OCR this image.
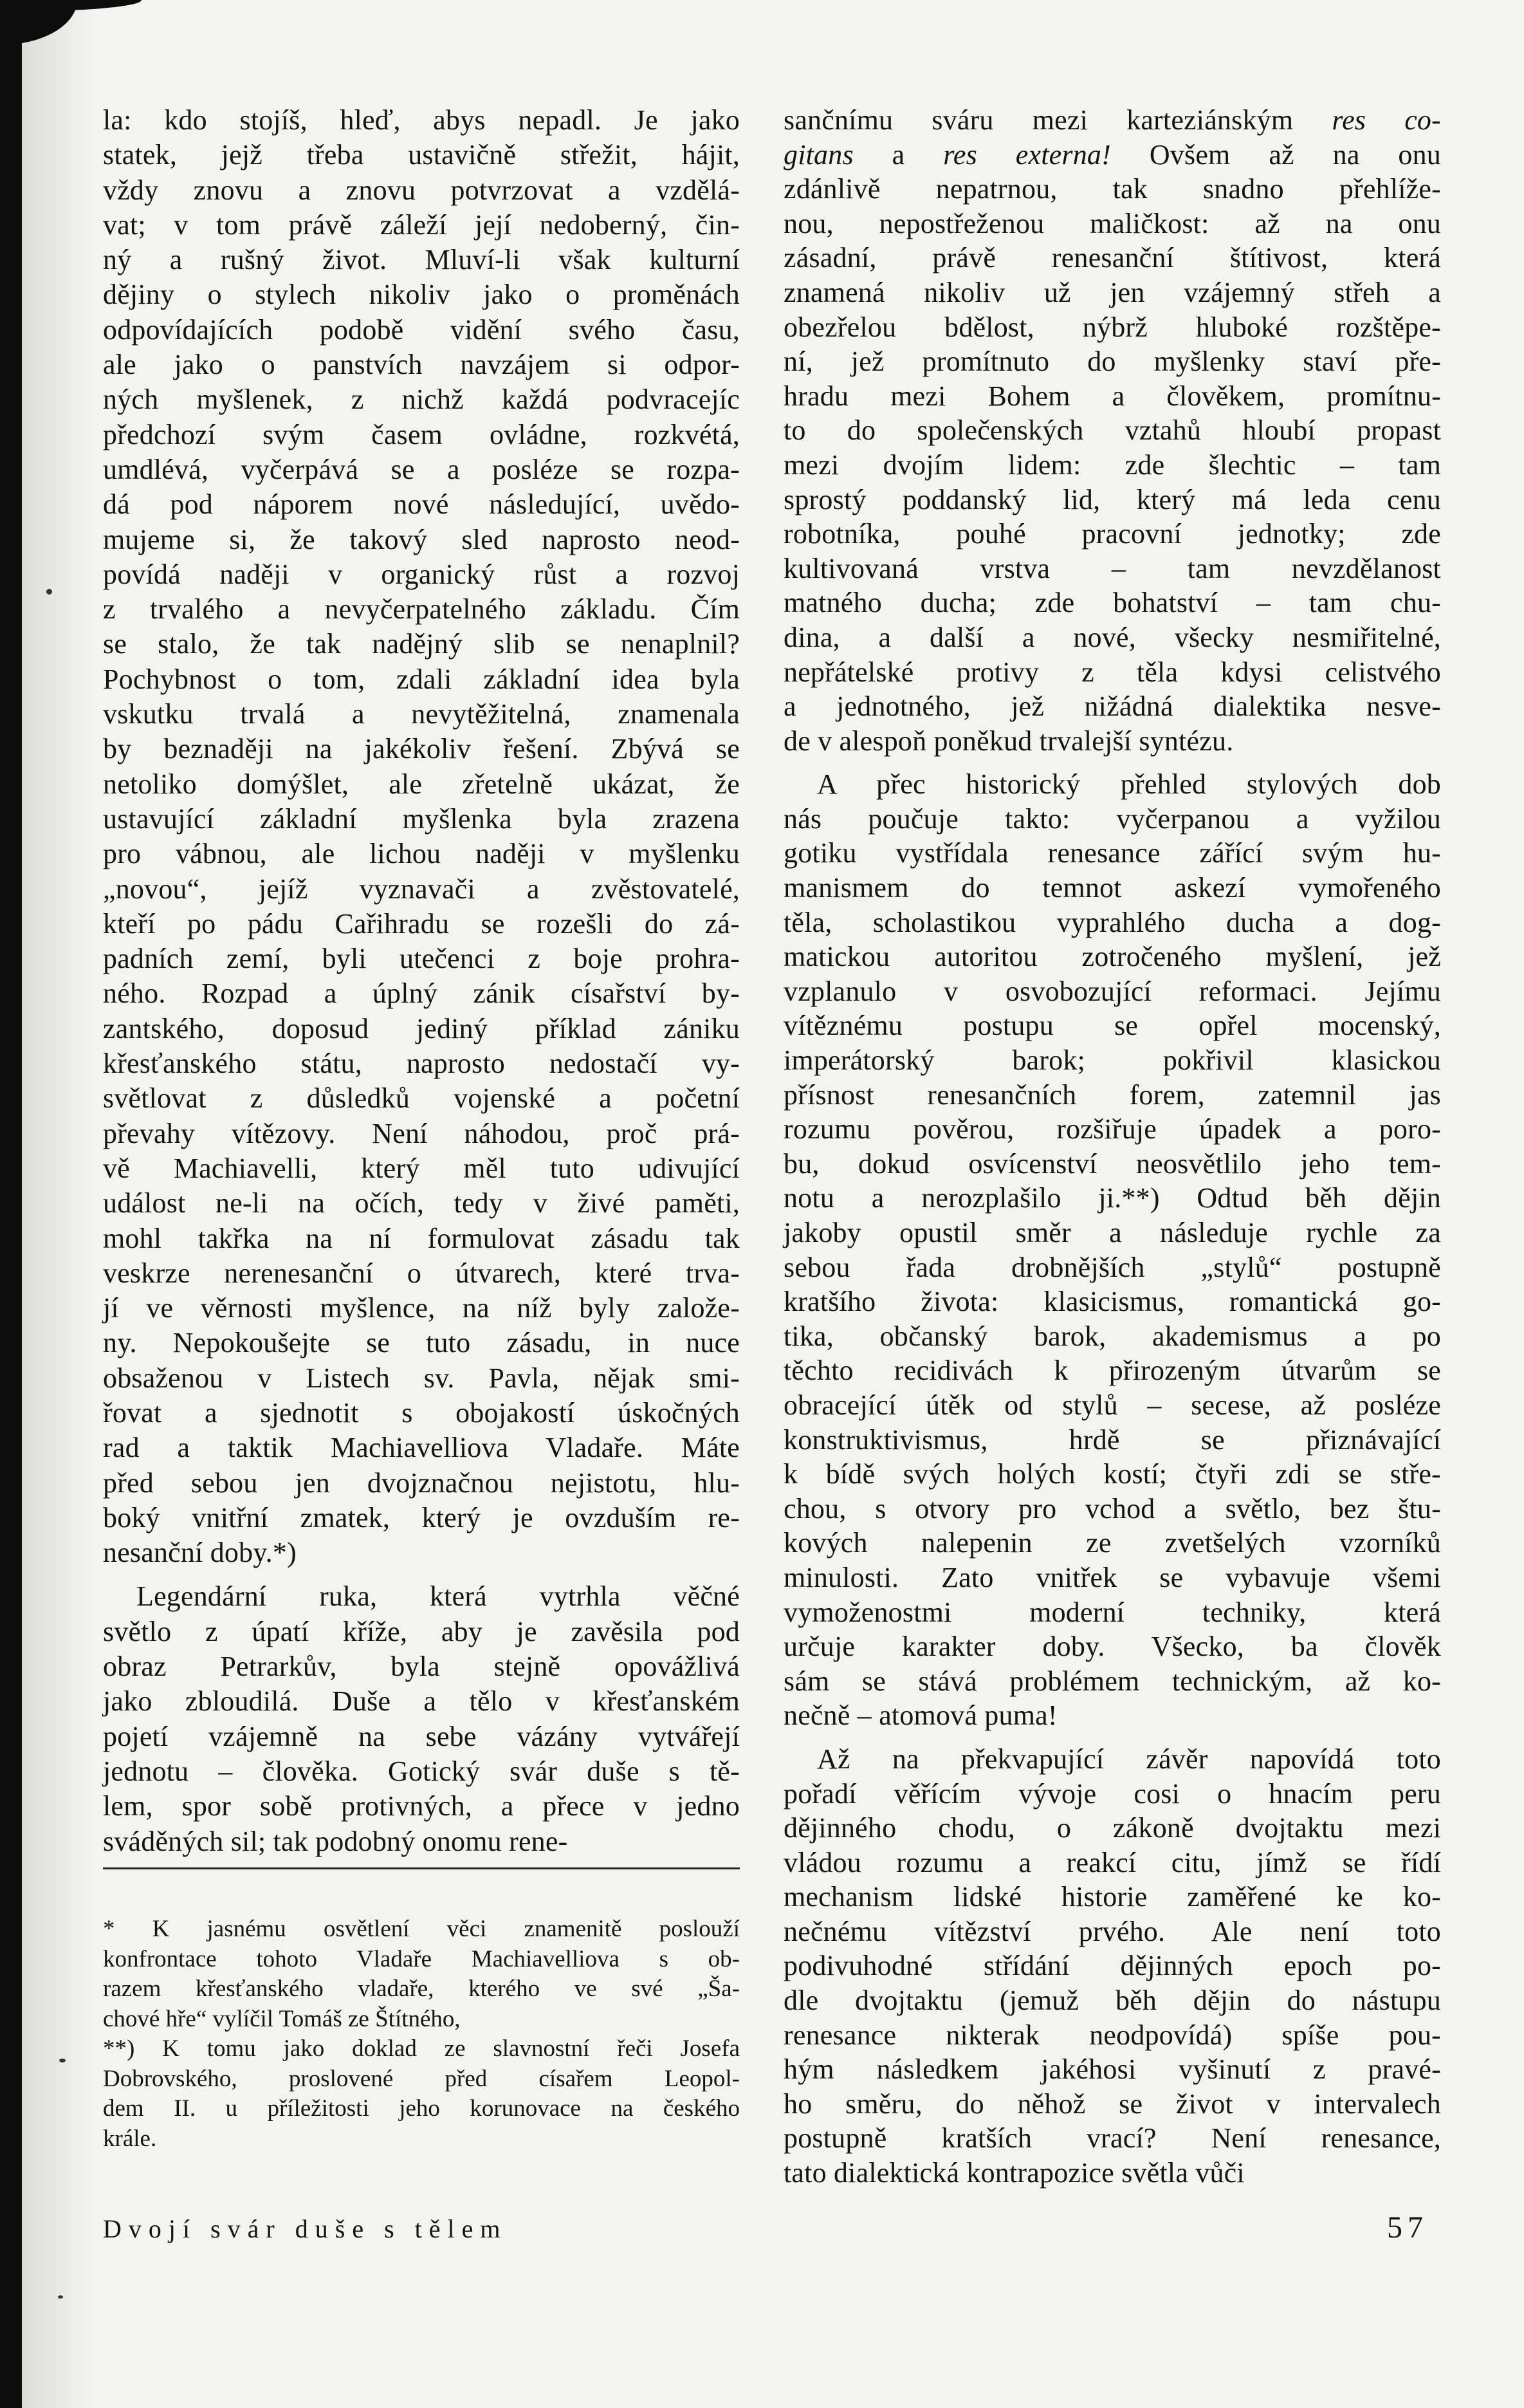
la: kdo stojíš, hleď, abys nepadl. Je jako
statek, jejž třeba ustavičně střežit, hájit,
vždy znovu a znovu potvrzovat a vzdělá-
vat; v tom právě záleží její nedoberný, čin-
ný a rušný život. Mluví-li však kulturní
dějiny o stylech nikoliv jako o proměnách
odpovídajících podobě vidění svého času,
ale jako o panstvích navzájem si odpor-
ných myšlenek, z nichž každá podvracejíc
předchozí svým časem ovládne, rozkvétá,
umdlévá, vyčerpává se a posléze se rozpa-
dá pod náporem nové následující, uvědo-
mujeme si, že takový sled naprosto neod-
povídá naději v organický růst a rozvoj
z trvalého a nevyčerpatelného základu. Čím
se stalo, že tak nadějný slib se nenaplnil?
Pochybnost o tom, zdali základní idea byla
vskutku trvalá a nevytěžitelná, znamenala
by beznaději na jakékoliv řešení. Zbývá se
netoliko domýšlet, ale zřetelně ukázat, že
ustavující základní myšlenka byla zrazena
pro vábnou, ale lichou naději v myšlenku
„novou“, jejíž vyznavači a zvěstovatelé,
kteří po pádu Cařihradu se rozešli do zá-
padních zemí, byli utečenci z boje prohra-
ného. Rozpad a úplný zánik císařství by-
zantského, doposud jediný příklad zániku
křesťanského státu, naprosto nedostačí vy-
světlovat z důsledků vojenské a početní
převahy vítězovy. Není náhodou, proč prá-
vě Machiavelli, který měl tuto udivující
událost ne-li na očích, tedy v živé paměti,
mohl takřka na ní formulovat zásadu tak
veskrze nerenesanční o útvarech, které trva-
jí ve věrnosti myšlence, na níž byly založe-
ny. Nepokoušejte se tuto zásadu, in nuce
obsaženou v Listech sv. Pavla, nějak smi-
řovat a sjednotit s obojakostí úskočných
rad a taktik Machiavelliova Vladaře. Máte
před sebou jen dvojznačnou nejistotu, hlu-
boký vnitřní zmatek, který je ovzduším re-
nesanční doby.*)
Legendární ruka, která vytrhla věčné
světlo z úpatí kříže, aby je zavěsila pod
obraz Petrarkův, byla stejně opovážlivá
jako zbloudilá. Duše a tělo v křesťanském
pojetí vzájemně na sebe vázány vytvářejí
jednotu – člověka. Gotický svár duše s tě-
lem, spor sobě protivných, a přece v jedno
sváděných sil; tak podobný onomu rene-
sančnímu sváru mezi karteziánským res co-
gitans a res externa! Ovšem až na onu
zdánlivě nepatrnou, tak snadno přehlíže-
nou, nepostřeženou maličkost: až na onu
zásadní, právě renesanční štítivost, která
znamená nikoliv už jen vzájemný střeh a
obezřelou bdělost, nýbrž hluboké rozštěpe-
ní, jež promítnuto do myšlenky staví pře-
hradu mezi Bohem a člověkem, promítnu-
to do společenských vztahů hloubí propast
mezi dvojím lidem: zde šlechtic – tam
sprostý poddanský lid, který má leda cenu
robotníka, pouhé pracovní jednotky; zde
kultivovaná vrstva – tam nevzdělanost
matného ducha; zde bohatství – tam chu-
dina, a další a nové, všecky nesmiřitelné,
nepřátelské protivy z těla kdysi celistvého
a jednotného, jež nižádná dialektika nesve-
de v alespoň poněkud trvalejší syntézu.
A přec historický přehled stylových dob
nás poučuje takto: vyčerpanou a vyžilou
gotiku vystřídala renesance zářící svým hu-
manismem do temnot askezí vymořeného
těla, scholastikou vyprahlého ducha a dog-
matickou autoritou zotročeného myšlení, jež
vzplanulo v osvobozující reformaci. Jejímu
vítěznému postupu se opřel mocenský,
imperátorský barok; pokřivil klasickou
přísnost renesančních forem, zatemnil jas
rozumu pověrou, rozšiřuje úpadek a poro-
bu, dokud osvícenství neosvětlilo jeho tem-
notu a nerozplašilo ji.**) Odtud běh dějin
jakoby opustil směr a následuje rychle za
sebou řada drobnějších „stylů“ postupně
kratšího života: klasicismus, romantická go-
tika, občanský barok, akademismus a po
těchto recidivách k přirozeným útvarům se
obracející útěk od stylů – secese, až posléze
konstruktivismus, hrdě se přiznávající
k bídě svých holých kostí; čtyři zdi se stře-
chou, s otvory pro vchod a světlo, bez štu-
kových nalepenin ze zvetšelých vzorníků
minulosti. Zato vnitřek se vybavuje všemi
vymoženostmi moderní techniky, která
určuje karakter doby. Všecko, ba člověk
sám se stává problémem technickým, až ko-
nečně – atomová puma!
Až na překvapující závěr napovídá toto
pořadí věřícím vývoje cosi o hnacím peru
dějinného chodu, o zákoně dvojtaktu mezi
vládou rozumu a reakcí citu, jímž se řídí
mechanism lidské historie zaměřené ke ko-
nečnému vítězství prvého. Ale není toto
podivuhodné střídání dějinných epoch po-
dle dvojtaktu (jemuž běh dějin do nástupu
renesance nikterak neodpovídá) spíše pou-
hým následkem jakéhosi vyšinutí z pravé-
ho směru, do něhož se život v intervalech
postupně kratších vrací? Není renesance,
tato dialektická kontrapozice světla vůči
* K jasnému osvětlení věci znamenitě poslouží
konfrontace tohoto Vladaře Machiavelliova s ob-
razem křesťanského vladaře, kterého ve své „Ša-
chové hře“ vylíčil Tomáš ze Štítného,
**) K tomu jako doklad ze slavnostní řeči Josefa
Dobrovského, proslovené před císařem Leopol-
dem II. u příležitosti jeho korunovace na českého
krále.
Dvojí svár duše s tělem	57
